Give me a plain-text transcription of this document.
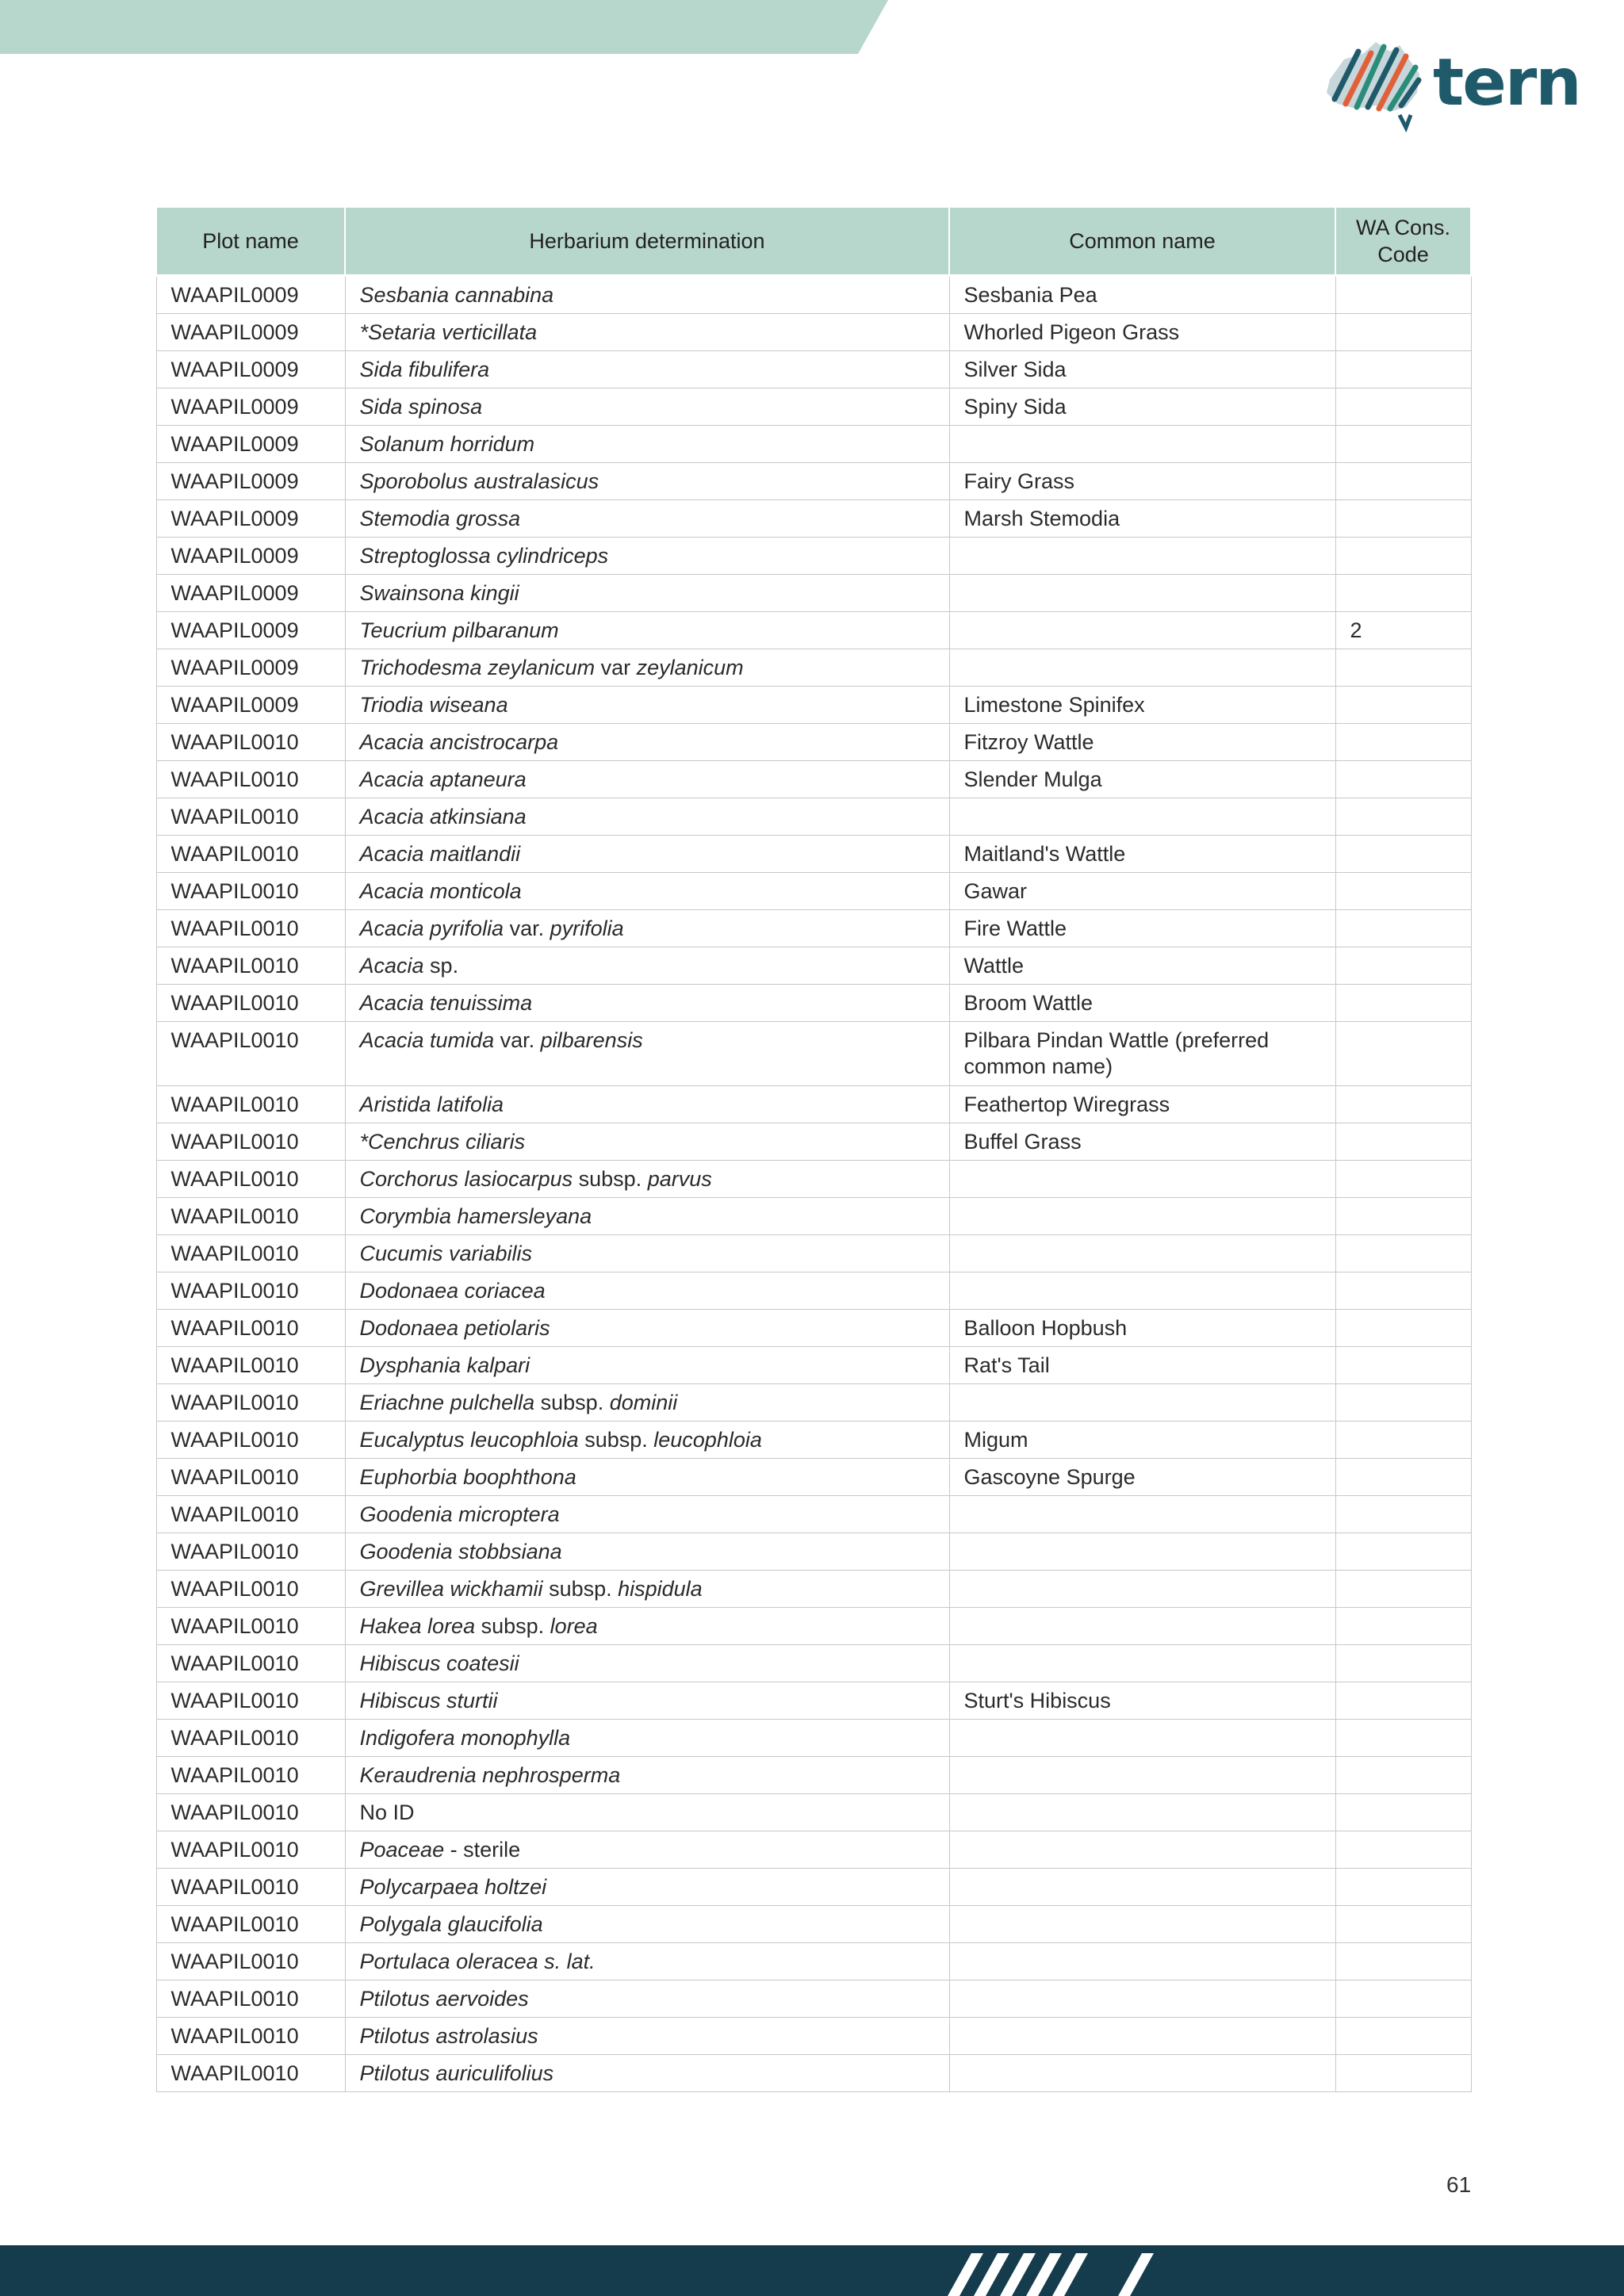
tern
Plot name	Herbarium determination	Common name	WA Cons. Code
WAAPIL0009	Sesbania cannabina	Sesbania Pea	
WAAPIL0009	*Setaria verticillata	Whorled Pigeon Grass	
WAAPIL0009	Sida fibulifera	Silver Sida	
WAAPIL0009	Sida spinosa	Spiny Sida	
WAAPIL0009	Solanum horridum		
WAAPIL0009	Sporobolus australasicus	Fairy Grass	
WAAPIL0009	Stemodia grossa	Marsh Stemodia	
WAAPIL0009	Streptoglossa cylindriceps		
WAAPIL0009	Swainsona kingii		
WAAPIL0009	Teucrium pilbaranum		2
WAAPIL0009	Trichodesma zeylanicum var zeylanicum		
WAAPIL0009	Triodia wiseana	Limestone Spinifex	
WAAPIL0010	Acacia ancistrocarpa	Fitzroy Wattle	
WAAPIL0010	Acacia aptaneura	Slender Mulga	
WAAPIL0010	Acacia atkinsiana		
WAAPIL0010	Acacia maitlandii	Maitland's Wattle	
WAAPIL0010	Acacia monticola	Gawar	
WAAPIL0010	Acacia pyrifolia var. pyrifolia	Fire Wattle	
WAAPIL0010	Acacia sp.	Wattle	
WAAPIL0010	Acacia tenuissima	Broom Wattle	
WAAPIL0010	Acacia tumida var. pilbarensis	Pilbara Pindan Wattle (preferred common name)	
WAAPIL0010	Aristida latifolia	Feathertop Wiregrass	
WAAPIL0010	*Cenchrus ciliaris	Buffel Grass	
WAAPIL0010	Corchorus lasiocarpus subsp. parvus		
WAAPIL0010	Corymbia hamersleyana		
WAAPIL0010	Cucumis variabilis		
WAAPIL0010	Dodonaea coriacea		
WAAPIL0010	Dodonaea petiolaris	Balloon Hopbush	
WAAPIL0010	Dysphania kalpari	Rat's Tail	
WAAPIL0010	Eriachne pulchella subsp. dominii		
WAAPIL0010	Eucalyptus leucophloia subsp. leucophloia	Migum	
WAAPIL0010	Euphorbia boophthona	Gascoyne Spurge	
WAAPIL0010	Goodenia microptera		
WAAPIL0010	Goodenia stobbsiana		
WAAPIL0010	Grevillea wickhamii subsp. hispidula		
WAAPIL0010	Hakea lorea subsp. lorea		
WAAPIL0010	Hibiscus coatesii		
WAAPIL0010	Hibiscus sturtii	Sturt's Hibiscus	
WAAPIL0010	Indigofera monophylla		
WAAPIL0010	Keraudrenia nephrosperma		
WAAPIL0010	No ID		
WAAPIL0010	Poaceae - sterile		
WAAPIL0010	Polycarpaea holtzei		
WAAPIL0010	Polygala glaucifolia		
WAAPIL0010	Portulaca oleracea s. lat.		
WAAPIL0010	Ptilotus aervoides		
WAAPIL0010	Ptilotus astrolasius		
WAAPIL0010	Ptilotus auriculifolius		
61
